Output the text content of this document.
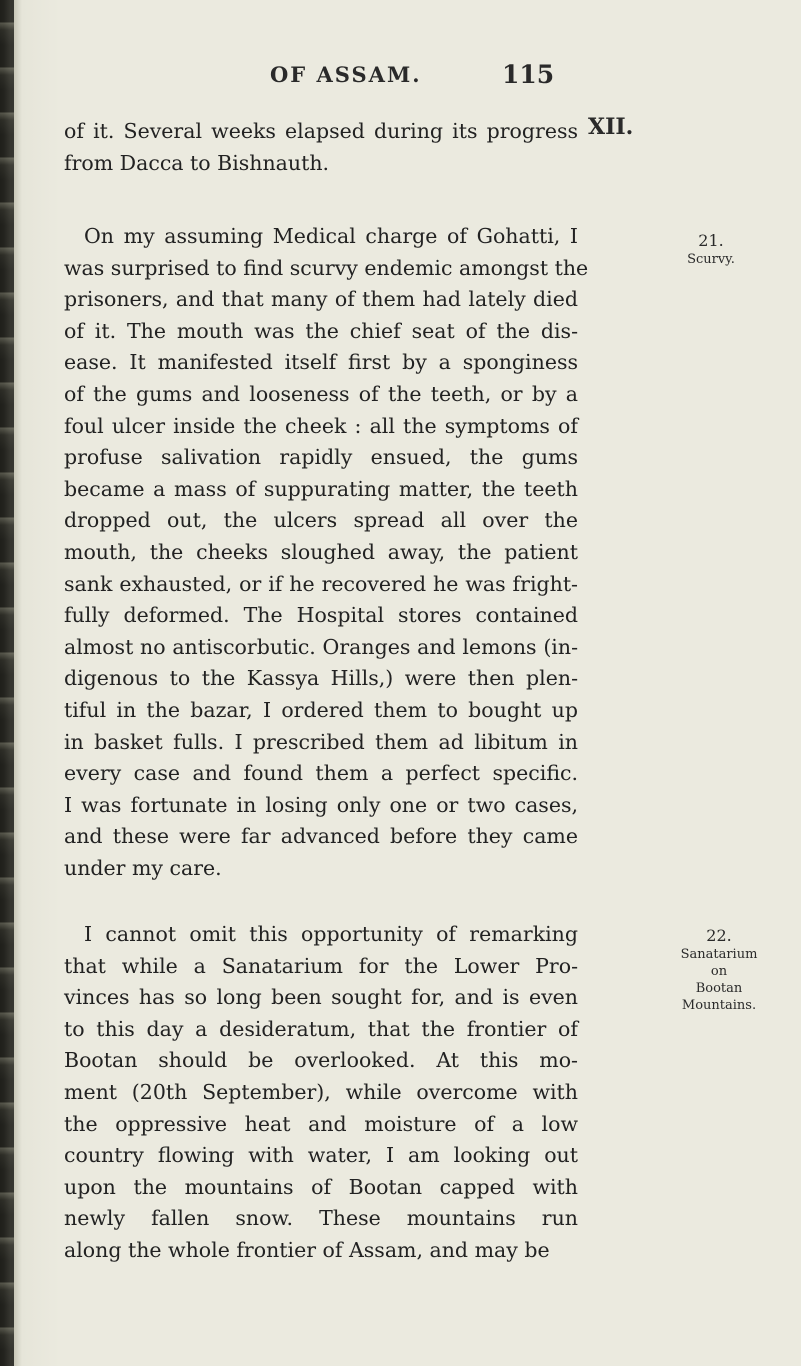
OF ASSAM.	115
XII.
21.
Scurvy.
22.
Sanatarium
on
Bootan
Mountains.
of it. Several weeks elapsed during its progress
from Dacca to Bishnauth.
On my assuming Medical charge of Gohatti, I
was surprised to find scurvy endemic amongst the
prisoners, and that many of them had lately died
of it. The mouth was the chief seat of the dis-
ease. It manifested itself first by a sponginess
of the gums and looseness of the teeth, or by a
foul ulcer inside the cheek : all the symptoms of
profuse salivation rapidly ensued, the gums
became a mass of suppurating matter, the teeth
dropped out, the ulcers spread all over the
mouth, the cheeks sloughed away, the patient
sank exhausted, or if he recovered he was fright-
fully deformed. The Hospital stores contained
almost no antiscorbutic. Oranges and lemons (in-
digenous to the Kassya Hills,) were then plen-
tiful in the bazar, I ordered them to bought up
in basket fulls. I prescribed them ad libitum in
every case and found them a perfect specific.
I was fortunate in losing only one or two cases,
and these were far advanced before they came
under my care.
I cannot omit this opportunity of remarking
that while a Sanatarium for the Lower Pro-
vinces has so long been sought for, and is even
to this day a desideratum, that the frontier of
Bootan should be overlooked. At this mo-
ment (20th September), while overcome with
the oppressive heat and moisture of a low
country flowing with water, I am looking out
upon the mountains of Bootan capped with
newly fallen snow. These mountains run
along the whole frontier of Assam, and may be
